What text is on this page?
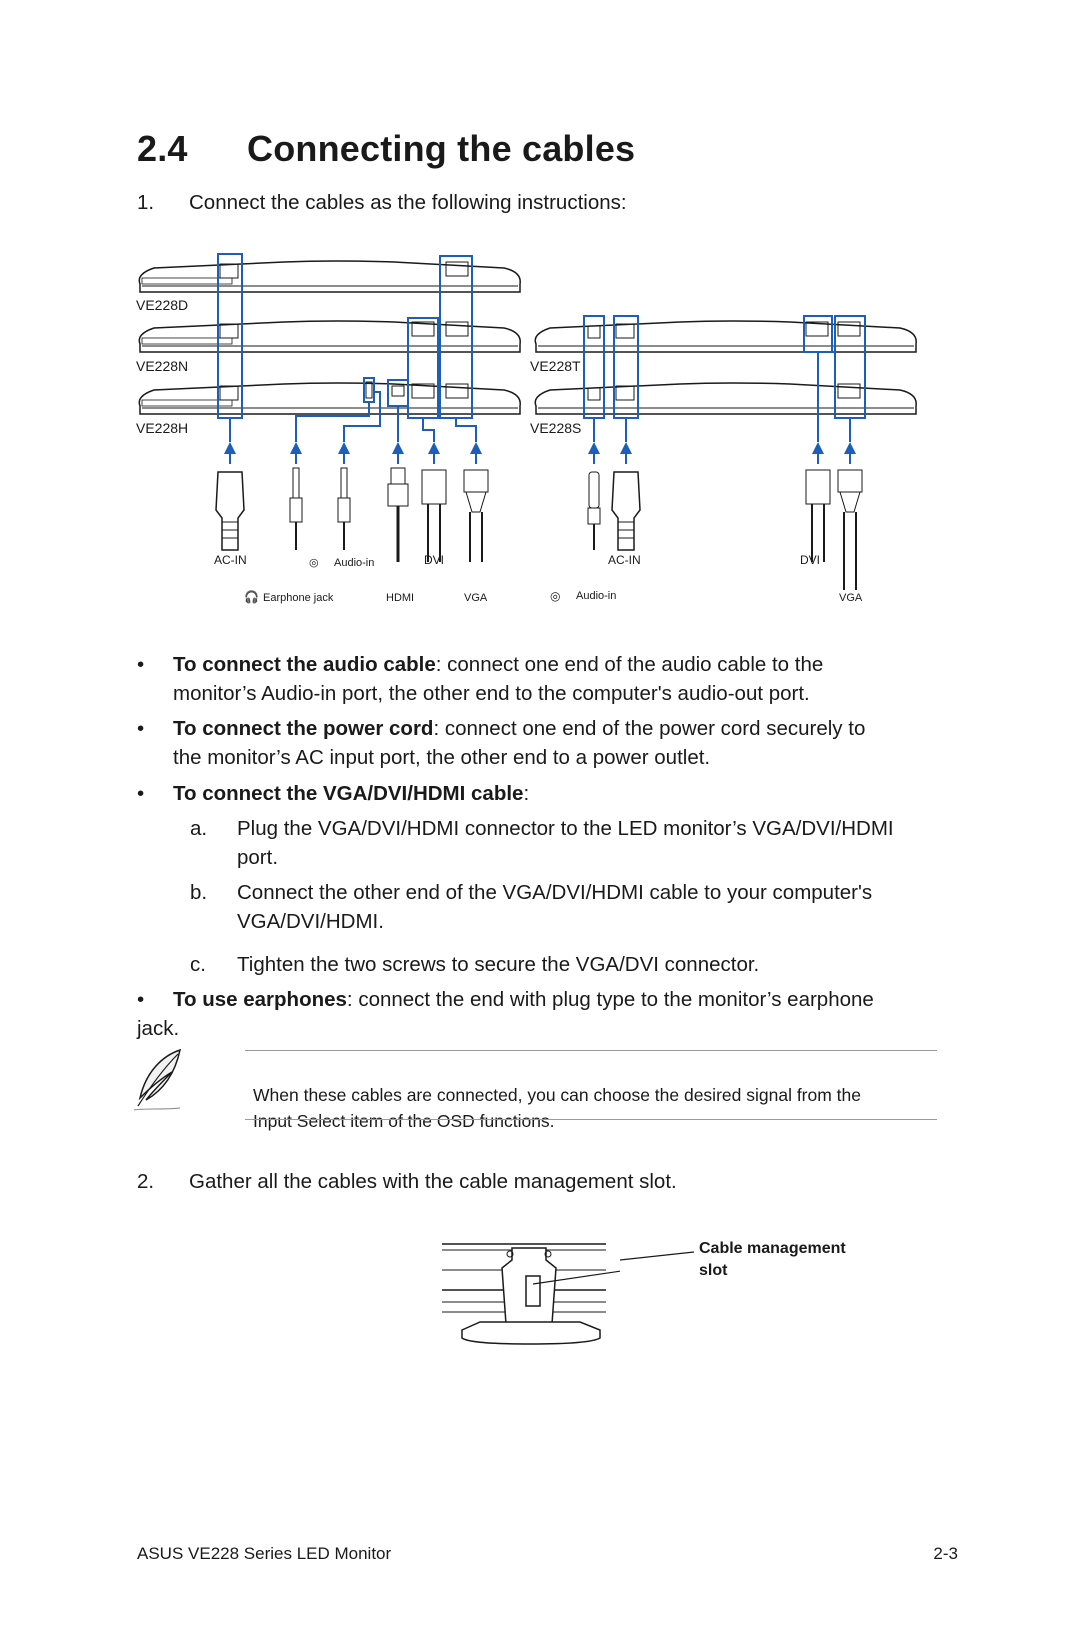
2.4 Connecting the cables
1. Connect the cables as the following instructions:
VE228D
VE228N
VE228H
AC-IN	◎ Audio-in	DVI
🎧 Earphone jack	HDMI	VGA
VE228T
VE228S
AC-IN	DVI
◎ Audio-in	VGA
• To connect the audio cable: connect one end of the audio cable to the
monitor’s Audio-in port, the other end to the computer's audio-out port.
• To connect the power cord: connect one end of the power cord securely to
the monitor’s AC input port, the other end to a power outlet.
• To connect the VGA/DVI/HDMI cable:
a. Plug the VGA/DVI/HDMI connector to the LED monitor’s VGA/DVI/HDMI
port.
b. Connect the other end of the VGA/DVI/HDMI cable to your computer's
VGA/DVI/HDMI.
c. Tighten the two screws to secure the VGA/DVI connector.
• To use earphones: connect the end with plug type to the monitor’s earphone
jack.
When these cables are connected, you can choose the desired signal from the
Input Select item of the OSD functions.
2. Gather all the cables with the cable management slot.
Cable management
slot
ASUS VE228 Series LED Monitor	2-3
